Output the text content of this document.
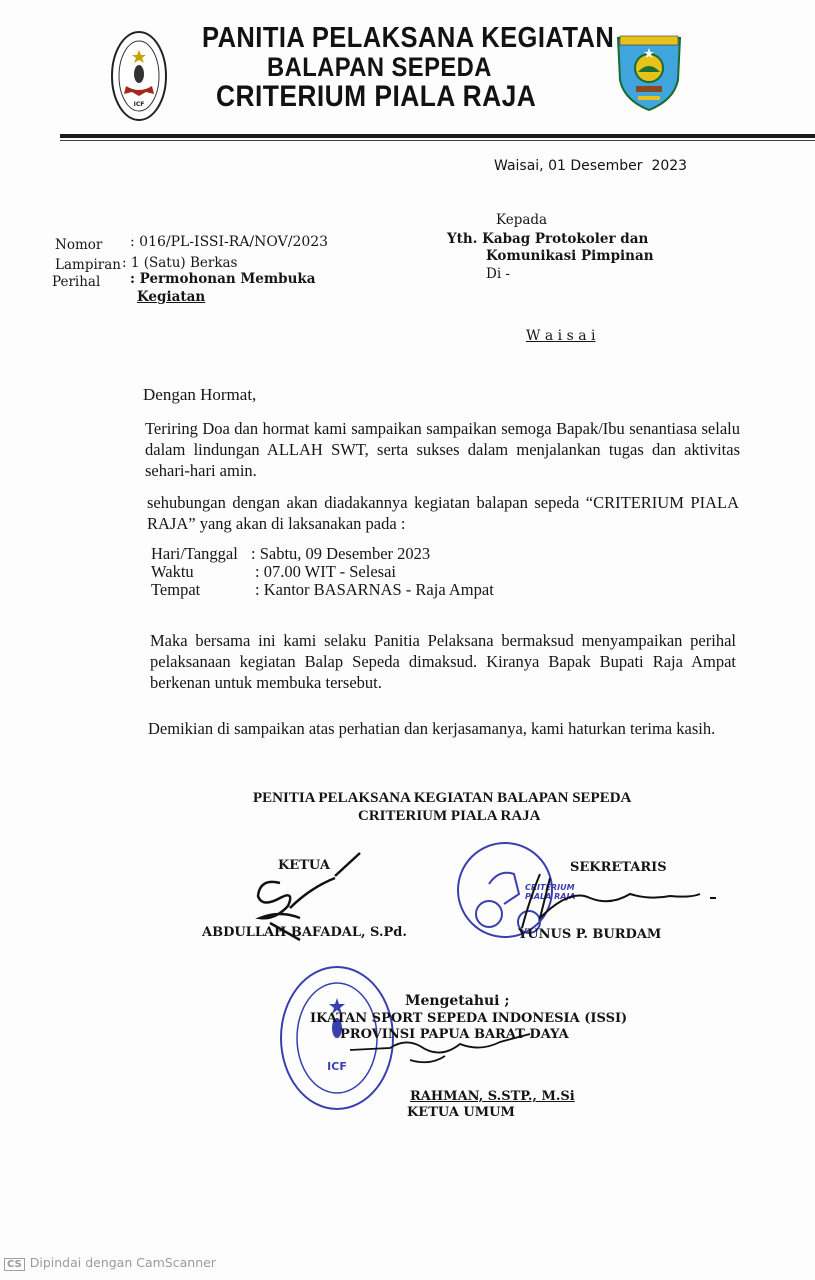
ICF
PANITIA PELAKSANA KEGIATAN
BALAPAN SEPEDA
CRITERIUM PIALA RAJA
Waisai, 01 Desember  2023
Nomor : 016/PL-ISSI-RA/NOV/2023
Lampiran : 1 (Satu) Berkas
Perihal : Permohonan Membuka
Kegiatan
Kepada
Yth. Kabag Protokoler dan
Komunikasi Pimpinan
Di -
W a i s a i
Dengan Hormat,
Teriring Doa dan hormat kami sampaikan sampaikan semoga Bapak/Ibu senantiasa selalu dalam lindungan ALLAH SWT, serta sukses dalam menjalankan tugas dan aktivitas sehari-hari amin.
sehubungan dengan akan diadakannya kegiatan balapan sepeda “CRITERIUM PIALA RAJA” yang akan di laksanakan pada :
Hari/Tanggal : Sabtu, 09 Desember 2023
Waktu	: 07.00 WIT - Selesai
Tempat	: Kantor BASARNAS - Raja Ampat
Maka bersama ini kami selaku Panitia Pelaksana bermaksud menyampaikan perihal pelaksanaan kegiatan Balap Sepeda dimaksud. Kiranya Bapak Bupati Raja Ampat berkenan untuk membuka tersebut.
Demikian di sampaikan atas perhatian dan kerjasamanya, kami haturkan terima kasih.
PENITIA PELAKSANA KEGIATAN BALAPAN SEPEDA
CRITERIUM PIALA RAJA
KETUA
ABDULLAH BAFADAL, S.Pd.
CRITERIUM
PIALA RAJA
SEKRETARIS
YUNUS P. BURDAM
ICF
Mengetahui ;
IKATAN SPORT SEPEDA INDONESIA (ISSI)
PROVINSI PAPUA BARAT DAYA
RAHMAN, S.STP., M.Si
KETUA UMUM
CS Dipindai dengan CamScanner
